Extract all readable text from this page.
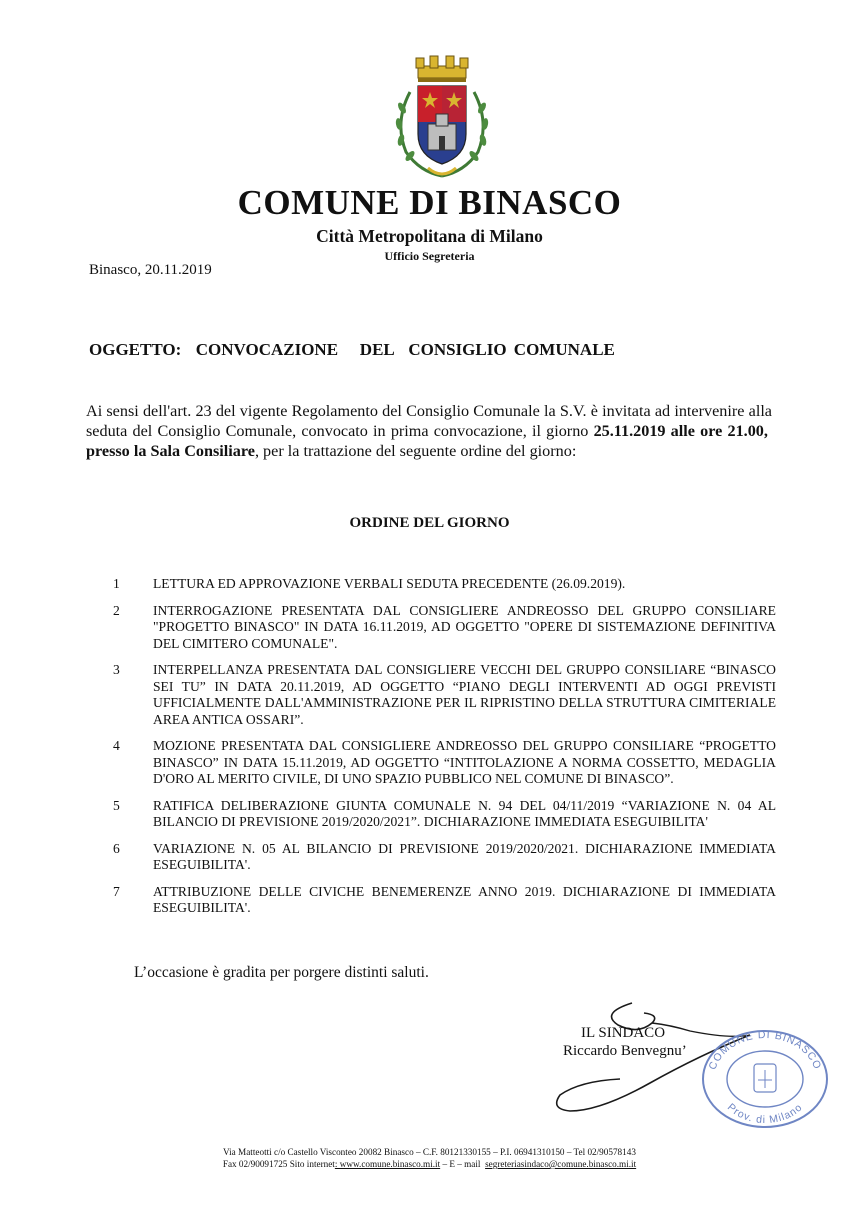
COMUNE DI BINASCO
Città Metropolitana di Milano
Ufficio Segreteria
Binasco, 20.11.2019
OGGETTO:  CONVOCAZIONE   DEL  CONSIGLIO COMUNALE

Ai sensi dell'art. 23 del vigente Regolamento del Consiglio Comunale la S.V. è invitata ad intervenire alla seduta del Consiglio Comunale, convocato in prima convocazione, il giorno 25.11.2019 alle ore 21.00,  presso la Sala Consiliare, per la trattazione del seguente ordine del giorno:

ORDINE DEL GIORNO
1	LETTURA ED APPROVAZIONE VERBALI SEDUTA PRECEDENTE (26.09.2019).
2	INTERROGAZIONE PRESENTATA DAL CONSIGLIERE ANDREOSSO DEL GRUPPO CONSILIARE "PROGETTO BINASCO" IN DATA 16.11.2019, AD OGGETTO "OPERE DI SISTEMAZIONE DEFINITIVA DEL CIMITERO COMUNALE".
3	INTERPELLANZA PRESENTATA DAL CONSIGLIERE VECCHI DEL GRUPPO CONSILIARE “BINASCO SEI TU” IN DATA 20.11.2019, AD OGGETTO “PIANO DEGLI INTERVENTI AD OGGI PREVISTI UFFICIALMENTE DALL'AMMINISTRAZIONE PER IL RIPRISTINO DELLA STRUTTURA CIMITERIALE AREA ANTICA OSSARI”.
4	MOZIONE PRESENTATA DAL CONSIGLIERE ANDREOSSO DEL GRUPPO CONSILIARE “PROGETTO BINASCO” IN DATA 15.11.2019, AD OGGETTO “INTITOLAZIONE A NORMA COSSETTO, MEDAGLIA D'ORO AL MERITO CIVILE, DI UNO SPAZIO PUBBLICO NEL COMUNE DI BINASCO”.
5	RATIFICA DELIBERAZIONE GIUNTA COMUNALE N. 94 DEL 04/11/2019 “VARIAZIONE N. 04 AL BILANCIO DI PREVISIONE 2019/2020/2021”. DICHIARAZIONE IMMEDIATA ESEGUIBILITA'
6	VARIAZIONE N. 05 AL BILANCIO DI PREVISIONE 2019/2020/2021. DICHIARAZIONE IMMEDIATA ESEGUIBILITA'.
7	ATTRIBUZIONE DELLE CIVICHE BENEMERENZE ANNO 2019. DICHIARAZIONE DI IMMEDIATA ESEGUIBILITA'.
L’occasione è gradita per porgere distinti saluti.
IL SINDACO
Riccardo Benvegnu’
COMUNE DI BINASCO
Prov. di Milano
Via Matteotti c/o Castello Visconteo 20082 Binasco – C.F. 80121330155 – P.I. 06941310150 – Tel 02/90578143
Fax 02/90091725 Sito internet: www.comune.binasco.mi.it – E – mail  segreteriasindaco@comune.binasco.mi.it
